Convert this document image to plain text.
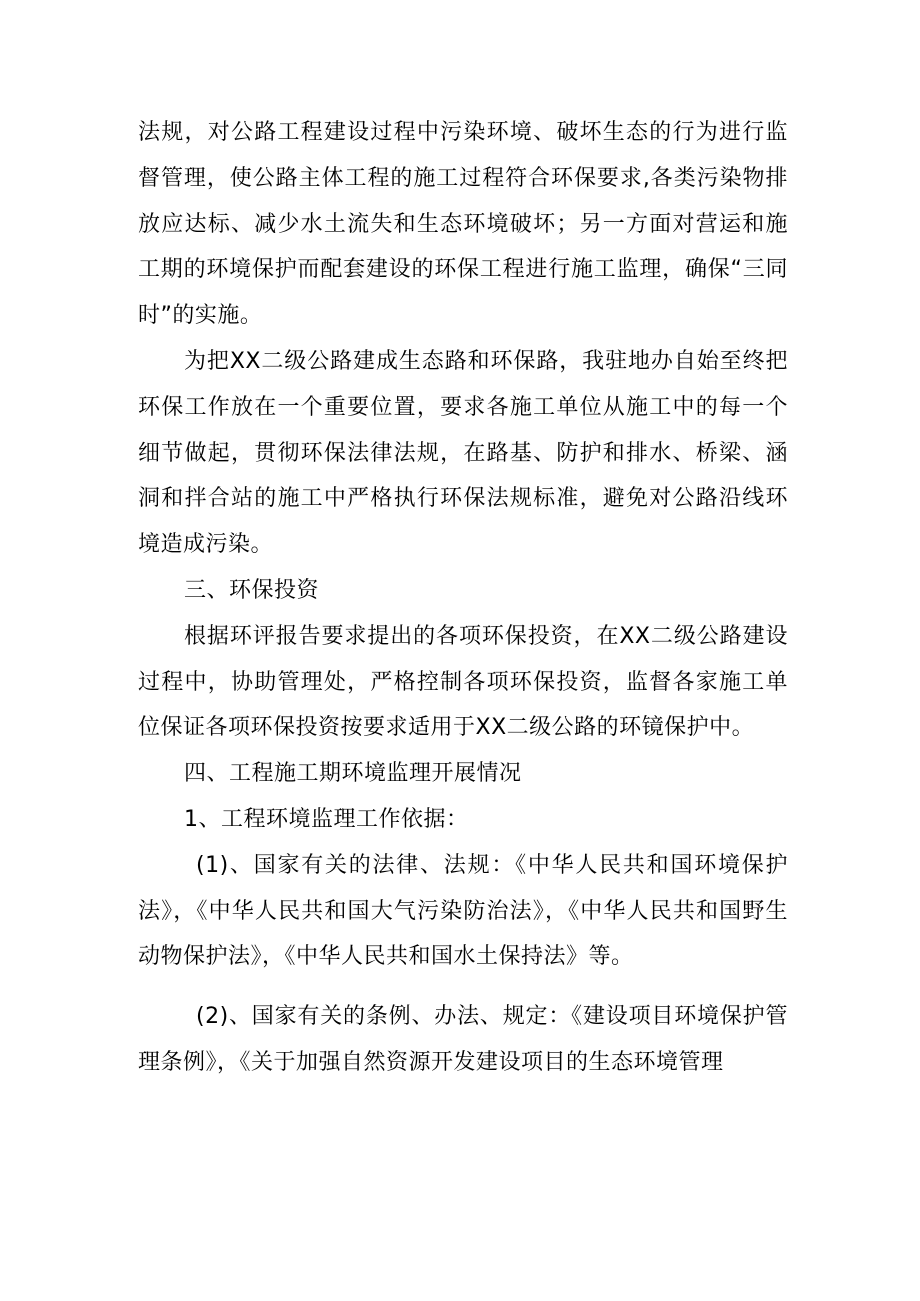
法规，对公路工程建设过程中污染环境、破坏生态的行为进行监督管理，使公路主体工程的施工过程符合环保要求,各类污染物排放应达标、减少水土流失和生态环境破坏；另一方面对营运和施工期的环境保护而配套建设的环保工程进行施工监理，确保“三同时”的实施。

为把XX二级公路建成生态路和环保路，我驻地办自始至终把环保工作放在一个重要位置，要求各施工单位从施工中的每一个细节做起，贯彻环保法律法规，在路基、防护和排水、桥梁、涵洞和拌合站的施工中严格执行环保法规标准，避免对公路沿线环境造成污染。

三、环保投资

根据环评报告要求提出的各项环保投资，在XX二级公路建设过程中，协助管理处，严格控制各项环保投资，监督各家施工单位保证各项环保投资按要求适用于XX二级公路的环镜保护中。

四、工程施工期环境监理开展情况

1、工程环境监理工作依据：

(1)、国家有关的法律、法规：《中华人民共和国环境保护法》，《中华人民共和国大气污染防治法》，《中华人民共和国野生动物保护法》，《中华人民共和国水土保持法》等。

(2)、国家有关的条例、办法、规定：《建设项目环境保护管理条例》，《关于加强自然资源开发建设项目的生态环境管理
